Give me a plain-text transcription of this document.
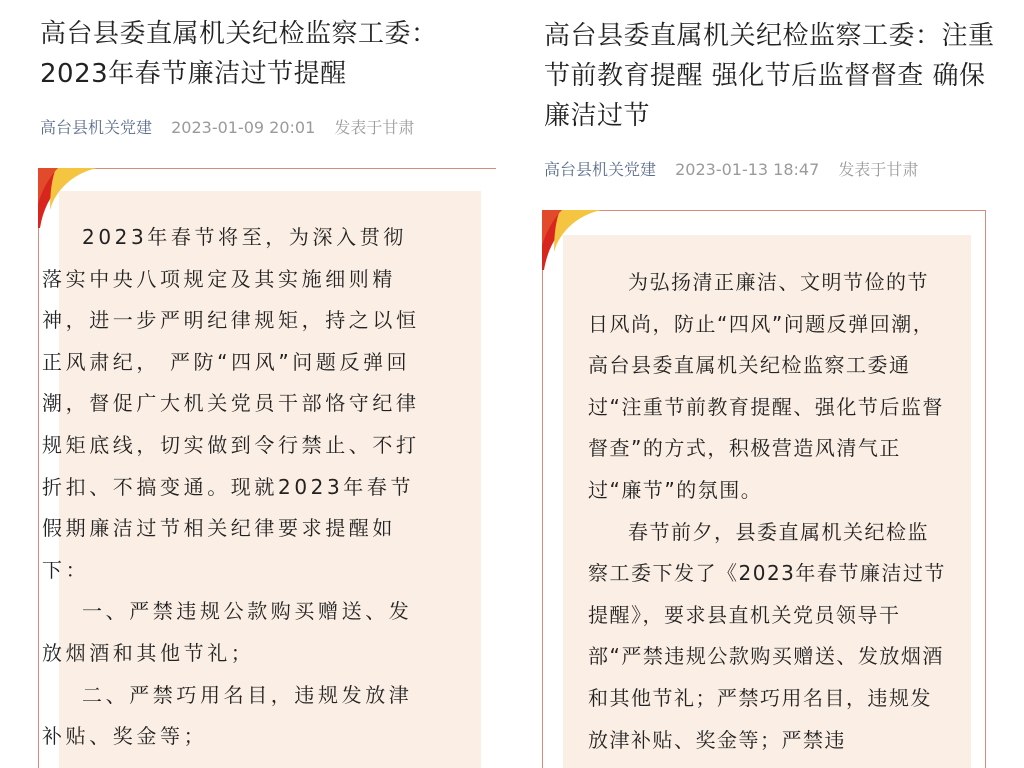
高台县委直属机关纪检监察工委：2023年春节廉洁过节提醒
高台县机关党建 2023-01-09 20:01 发表于甘肃

2023年春节将至，为深入贯彻落实中央八项规定及其实施细则精神，进一步严明纪律规矩，持之以恒正风肃纪， 严防“四风”问题反弹回潮，督促广大机关党员干部恪守纪律规矩底线，切实做到令行禁止、不打折扣、不搞变通。现就2023年春节假期廉洁过节相关纪律要求提醒如下：

一、严禁违规公款购买赠送、发放烟酒和其他节礼；

二、严禁巧用名目，违规发放津补贴、奖金等；

高台县委直属机关纪检监察工委：注重节前教育提醒 强化节后监督督查 确保廉洁过节
高台县机关党建 2023-01-13 18:47 发表于甘肃

为弘扬清正廉洁、文明节俭的节日风尚，防止“四风”问题反弹回潮，高台县委直属机关纪检监察工委通过“注重节前教育提醒、强化节后监督督查”的方式，积极营造风清气正过“廉节”的氛围。

春节前夕，县委直属机关纪检监察工委下发了《2023年春节廉洁过节提醒》，要求县直机关党员领导干部“严禁违规公款购买赠送、发放烟酒和其他节礼；严禁巧用名目，违规发放津补贴、奖金等；严禁违
